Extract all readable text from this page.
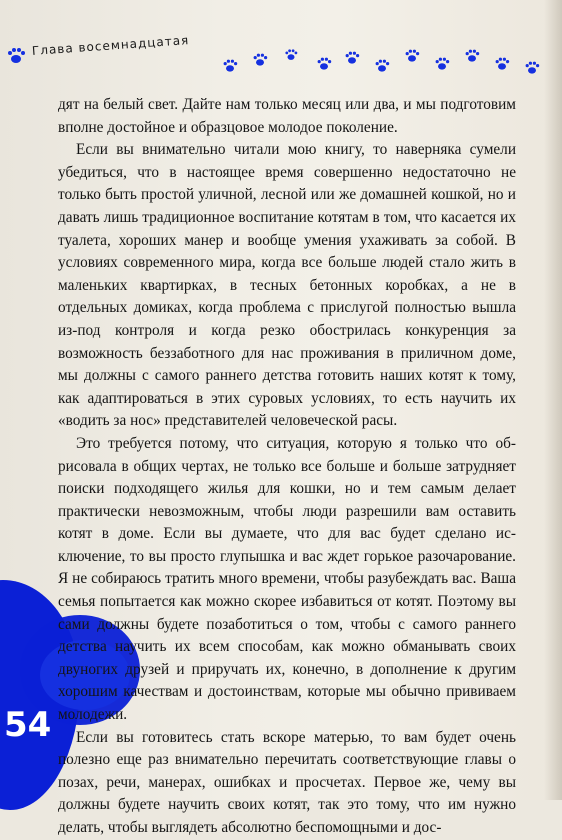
Глава восемнадцатая

дят на белый свет. Дайте нам только месяц или два, и мы подготовим вполне достойное и образцовое молодое поколение.

Если вы внимательно читали мою книгу, то наверняка сумели убедиться, что в настоящее время совершенно недостаточно не только быть простой уличной, лесной или же домашней кошкой, но и давать лишь традиционное воспитание котятам в том, что касается их туалета, хороших манер и вообще умения ухаживать за собой. В условиях современного мира, когда все больше людей стало жить в маленьких квартирках, в тесных бетонных коробках, а не в отдельных домиках, когда проблема с прислугой полностью вышла из-под контроля и когда резко обострилась конкуренция за возможность беззаботного для нас проживания в приличном доме, мы должны с самого раннего детства готовить наших котят к тому, как адаптироваться в этих суровых условиях, то есть научить их «водить за нос» представителей человеческой расы.

Это требуется потому, что ситуация, которую я только что обрисовала в общих чертах, не только все больше и больше затрудняет поиски подходящего жилья для кошки, но и тем самым делает практически невозможным, чтобы люди разрешили вам оставить котят в доме. Если вы думаете, что для вас будет сделано исключение, то вы просто глупышка и вас ждет горькое разочарование. Я не собираюсь тратить много времени, чтобы разубеждать вас. Ваша семья попытается как можно скорее избавиться от котят. Поэтому вы сами должны будете позаботиться о том, чтобы с самого раннего детства научить их всем способам, как можно обманывать своих двуногих друзей и приручать их, конечно, в дополнение к другим хорошим качествам и достоинствам, которые мы обычно прививаем молодежи.

Если вы готовитесь стать вскоре матерью, то вам будет очень полезно еще раз внимательно перечитать соответствующие главы о позах, речи, манерах, ошибках и просчетах. Первое же, чему вы должны будете научить своих котят, так это тому, что им нужно делать, чтобы выглядеть абсолютно беспомощными и дос-

54
